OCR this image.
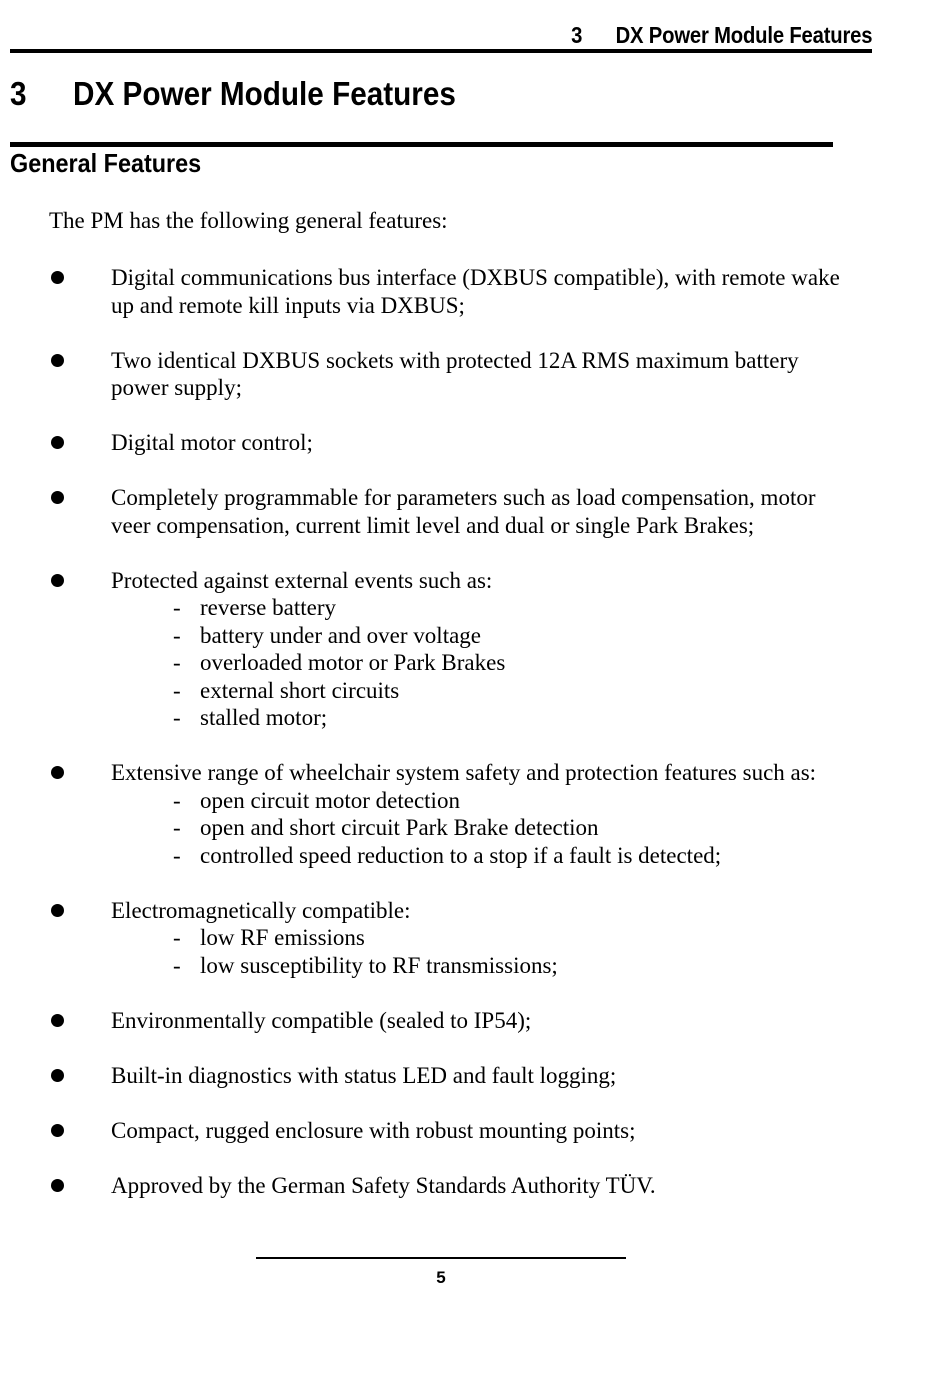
3 DX Power Module Features
3 DX Power Module Features
General Features

The PM has the following general features:

Digital communications bus interface (DXBUS compatible), with remote wake up and remote kill inputs via DXBUS;
Two identical DXBUS sockets with protected 12A RMS maximum battery power supply;
Digital motor control;
Completely programmable for parameters such as load compensation, motor veer compensation, current limit level and dual or single Park Brakes;
Protected against external events such as:
- reverse battery
- battery under and over voltage
- overloaded motor or Park Brakes
- external short circuits
- stalled motor;
Extensive range of wheelchair system safety and protection features such as:
- open circuit motor detection
- open and short circuit Park Brake detection
- controlled speed reduction to a stop if a fault is detected;
Electromagnetically compatible:
- low RF emissions
- low susceptibility to RF transmissions;
Environmentally compatible (sealed to IP54);
Built-in diagnostics with status LED and fault logging;
Compact, rugged enclosure with robust mounting points;
Approved by the German Safety Standards Authority TÜV.
5
